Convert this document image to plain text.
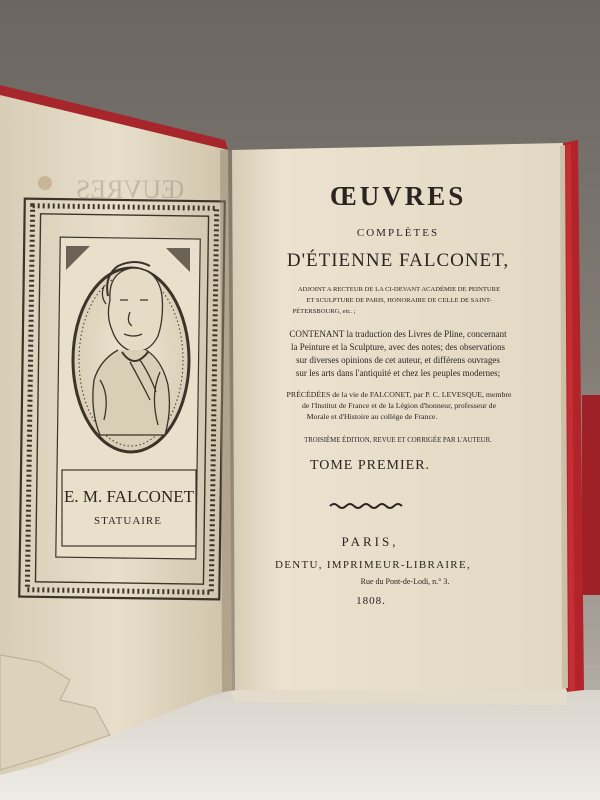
ŒUVRES
E. M. FALCONET
STATUAIRE
ŒUVRES
COMPLÈTES
D'ÉTIENNE FALCONET,
ADJOINT A RECTEUR DE LA CI-DEVANT ACADÉMIE DE PEINTURE
ET SCULPTURE DE PARIS, HONORAIRE DE CELLE DE SAINT-
PÉTERSBOURG, etc. ;
CONTENANT la traduction des Livres de Pline, concernant
la Peinture et la Sculpture, avec des notes; des observations
sur diverses opinions de cet auteur, et différens ouvrages
sur les arts dans l'antiquité et chez les peuples modernes;
PRÉCÉDÉES de la vie de FALCONET, par P. C. LEVESQUE, membre
de l'Institut de France et de la Légion d'honneur, professeur de
Morale et d'Histoire au collége de France.
TROISIÈME ÉDITION, REVUE ET CORRIGÉE PAR L'AUTEUR.
TOME PREMIER.
PARIS,
DENTU, IMPRIMEUR-LIBRAIRE,
Rue du Pont-de-Lodi, n.° 3.
1808.
